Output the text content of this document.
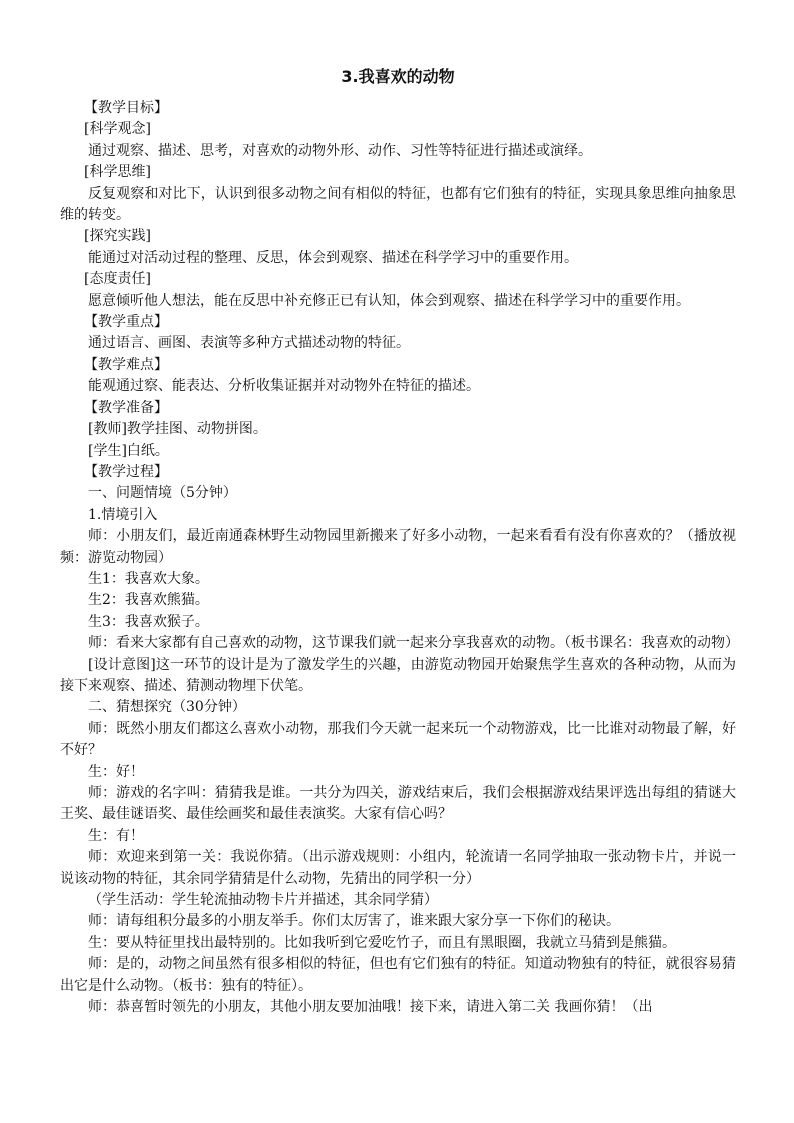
3.我喜欢的动物

【教学目标】

[科学观念]

通过观察、描述、思考，对喜欢的动物外形、动作、习性等特征进行描述或演绎。

[科学思维]

反复观察和对比下，认识到很多动物之间有相似的特征，也都有它们独有的特征，实现具象思维向抽象思维的转变。

[探究实践]

能通过对活动过程的整理、反思，体会到观察、描述在科学学习中的重要作用。

[态度责任]

愿意倾听他人想法，能在反思中补充修正已有认知，体会到观察、描述在科学学习中的重要作用。

【教学重点】

通过语言、画图、表演等多种方式描述动物的特征。

【教学难点】

能观通过察、能表达、分析收集证据并对动物外在特征的描述。

【教学准备】

[教师]教学挂图、动物拼图。

[学生]白纸。

【教学过程】

一、问题情境（5分钟）

1.情境引入

师：小朋友们，最近南通森林野生动物园里新搬来了好多小动物，一起来看看有没有你喜欢的？（播放视频：游览动物园）

生1：我喜欢大象。

生2：我喜欢熊猫。

生3：我喜欢猴子。

师：看来大家都有自己喜欢的动物，这节课我们就一起来分享我喜欢的动物。（板书课名：我喜欢的动物）

[设计意图]这一环节的设计是为了激发学生的兴趣，由游览动物园开始聚焦学生喜欢的各种动物，从而为接下来观察、描述、猜测动物埋下伏笔。

二、猜想探究（30分钟）

师：既然小朋友们都这么喜欢小动物，那我们今天就一起来玩一个动物游戏，比一比谁对动物最了解，好不好？

生：好！

师：游戏的名字叫：猜猜我是谁。一共分为四关，游戏结束后，我们会根据游戏结果评选出每组的猜谜大王奖、最佳谜语奖、最佳绘画奖和最佳表演奖。大家有信心吗？

生：有！

师：欢迎来到第一关：我说你猜。（出示游戏规则：小组内，轮流请一名同学抽取一张动物卡片，并说一说该动物的特征，其余同学猜猜是什么动物，先猜出的同学积一分）

（学生活动：学生轮流抽动物卡片并描述，其余同学猜）

师：请每组积分最多的小朋友举手。你们太厉害了，谁来跟大家分享一下你们的秘诀。

生：要从特征里找出最特别的。比如我听到它爱吃竹子，而且有黑眼圈，我就立马猜到是熊猫。

师：是的，动物之间虽然有很多相似的特征，但也有它们独有的特征。知道动物独有的特征，就很容易猜出它是什么动物。（板书：独有的特征）。

师：恭喜暂时领先的小朋友，其他小朋友要加油哦！接下来，请进入第二关 我画你猜！（出
